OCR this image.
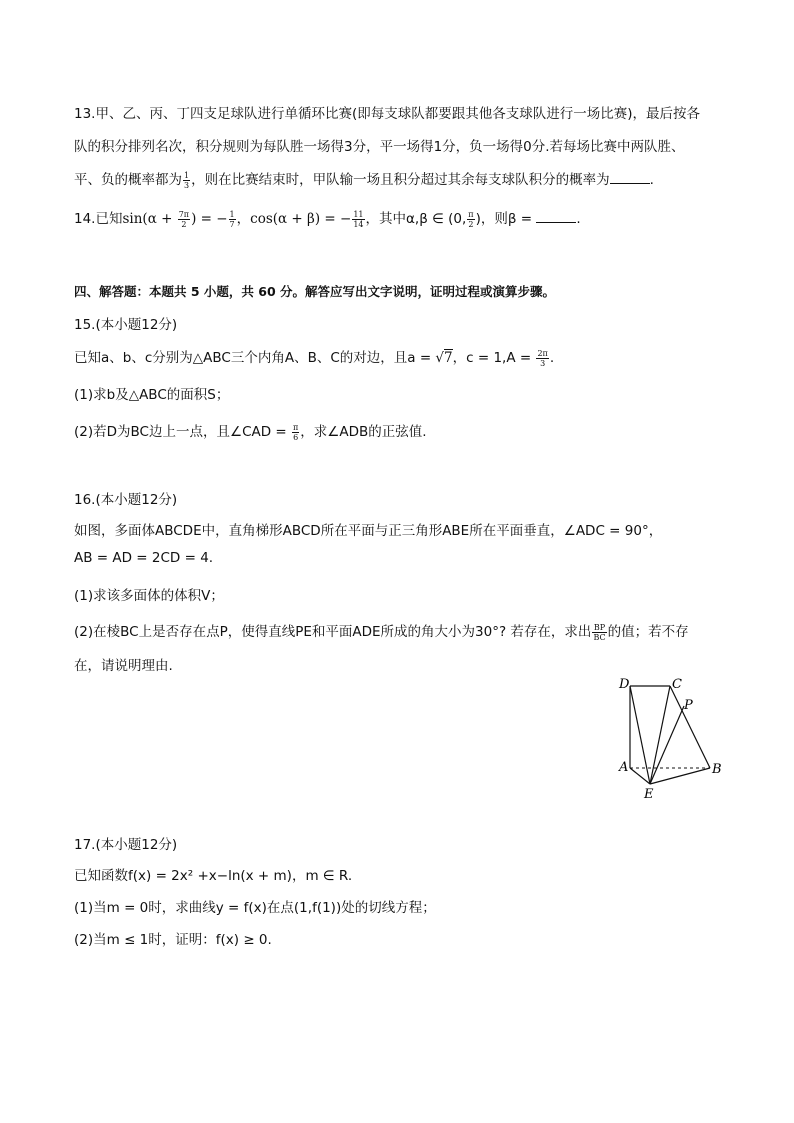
13.甲、乙、丙、丁四支足球队进行单循环比赛(即每支球队都要跟其他各支球队进行一场比赛)，最后按各
队的积分排列名次，积分规则为每队胜一场得3分，平一场得1分，负一场得0分.若每场比赛中两队胜、
平、负的概率都为 $\frac{1}{3}$ ，则在比赛结束时，甲队输一场且积分超过其余每支球队积分的概率为	.
14.已知$\sin(\alpha + \frac{7\pi}{2}$ ) = − $\frac{1}{7}$ ，cos(α + β) = − $\frac{11}{14}$ ，其中α,β ∈ (0, $\frac{\pi}{2}$ )，则β =	.
四、解答题：本题共 5 小题，共 60 分。解答应写出文字说明，证明过程或演算步骤。
15.(本小题12分)
已知a、b、c分别为△ABC三个内角A、B、C的对边，且a = √7，$c = 1,A = \frac{2\pi}{3}$ .
(1)求b及△ABC的面积S；
(2)若D为BC边上一点，且∠CAD = $\frac{\pi}{6}$ ，求∠ADB的正弦值.
16.(本小题12分)
如图，多面体ABCDE中，直角梯形ABCD所在平面与正三角形ABE所在平面垂直，∠ADC = 90°，
AB = AD = 2CD = 4.
(1)求该多面体的体积V；
(2)在棱BC上是否存在点P，使得直线PE和平面ADE所成的角大小为30°? 若存在，求出 $\frac{BP}{BC}$ 的值；若不存
在，请说明理由.
D	C
P
A	B
E
17.(本小题12分)
已知函数f(x) = 2x² +x−ln(x + m)，m ∈ R.
(1)当m = 0时，求曲线y = f(x)在点(1,f(1))处的切线方程；
(2)当m ≤ 1时，证明：f(x) ≥ 0.
